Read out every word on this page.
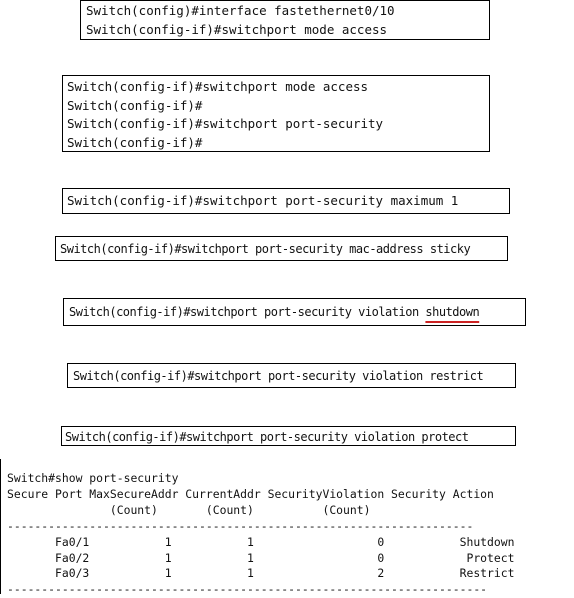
Switch(config)#interface fastethernet0/10
Switch(config-if)#switchport mode access
Switch(config-if)#switchport mode access
Switch(config-if)#
Switch(config-if)#switchport port-security
Switch(config-if)#
Switch(config-if)#switchport port-security maximum 1
Switch(config-if)#switchport port-security mac-address sticky
Switch(config-if)#switchport port-security violation shutdown
Switch(config-if)#switchport port-security violation restrict
Switch(config-if)#switchport port-security violation protect
Switch#show port-security
Secure Port MaxSecureAddr CurrentAddr SecurityViolation Security Action
(Count)       (Count)          (Count)
--------------------------------------------------------------------
Fa0/1           1           1                  0           Shutdown
Fa0/2           1           1                  0            Protect
Fa0/3           1           1                  2           Restrict
----------------------------------------------------------------------
